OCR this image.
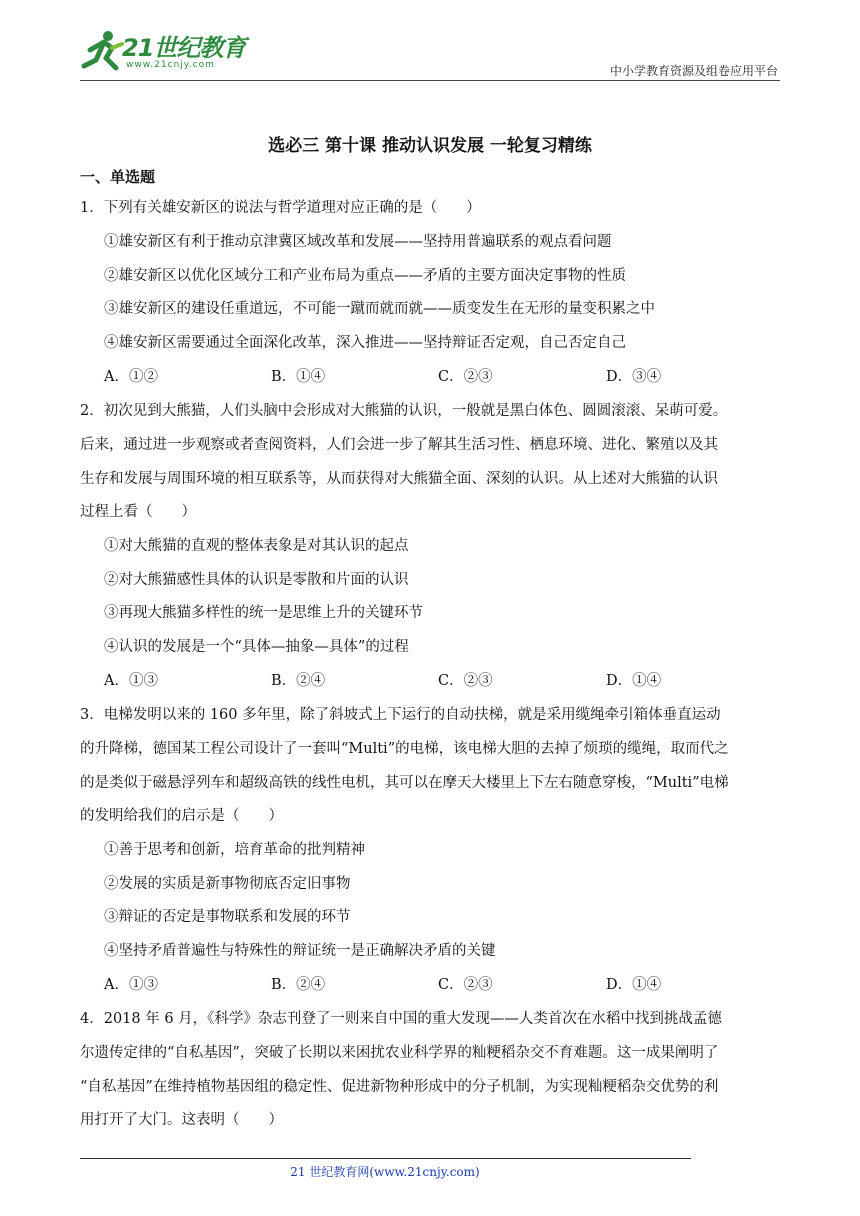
21世纪教育
www.21cnjy.com	中小学教育资源及组卷应用平台
选必三 第十课 推动认识发展 一轮复习精练
一、单选题
1．下列有关雄安新区的说法与哲学道理对应正确的是（　　）
①雄安新区有利于推动京津冀区域改革和发展——坚持用普遍联系的观点看问题
②雄安新区以优化区域分工和产业布局为重点——矛盾的主要方面决定事物的性质
③雄安新区的建设任重道远，不可能一蹴而就而就——质变发生在无形的量变积累之中
④雄安新区需要通过全面深化改革，深入推进——坚持辩证否定观，自己否定自己
A．①②	B．①④	C．②③	D．③④
2．初次见到大熊猫，人们头脑中会形成对大熊猫的认识，一般就是黑白体色、圆圆滚滚、呆萌可爱。
后来，通过进一步观察或者查阅资料，人们会进一步了解其生活习性、栖息环境、进化、繁殖以及其
生存和发展与周围环境的相互联系等，从而获得对大熊猫全面、深刻的认识。从上述对大熊猫的认识
过程上看（　　）
①对大熊猫的直观的整体表象是对其认识的起点
②对大熊猫感性具体的认识是零散和片面的认识
③再现大熊猫多样性的统一是思维上升的关键环节
④认识的发展是一个“具体—抽象—具体”的过程
A．①③	B．②④	C．②③	D．①④
3．电梯发明以来的 160 多年里，除了斜坡式上下运行的自动扶梯，就是采用缆绳牵引箱体垂直运动
的升降梯，德国某工程公司设计了一套叫“Multi”的电梯，该电梯大胆的去掉了烦琐的缆绳，取而代之
的是类似于磁悬浮列车和超级高铁的线性电机，其可以在摩天大楼里上下左右随意穿梭，“Multi”电梯
的发明给我们的启示是（　　）
①善于思考和创新，培育革命的批判精神
②发展的实质是新事物彻底否定旧事物
③辩证的否定是事物联系和发展的环节
④坚持矛盾普遍性与特殊性的辩证统一是正确解决矛盾的关键
A．①③	B．②④	C．②③	D．①④
4．2018 年 6 月，《科学》杂志刊登了一则来自中国的重大发现——人类首次在水稻中找到挑战孟德
尔遗传定律的“自私基因”，突破了长期以来困扰农业科学界的籼粳稻杂交不育难题。这一成果阐明了
“自私基因”在维持植物基因组的稳定性、促进新物种形成中的分子机制，为实现籼粳稻杂交优势的利
用打开了大门。这表明（　　）
21 世纪教育网(www.21cnjy.com)
